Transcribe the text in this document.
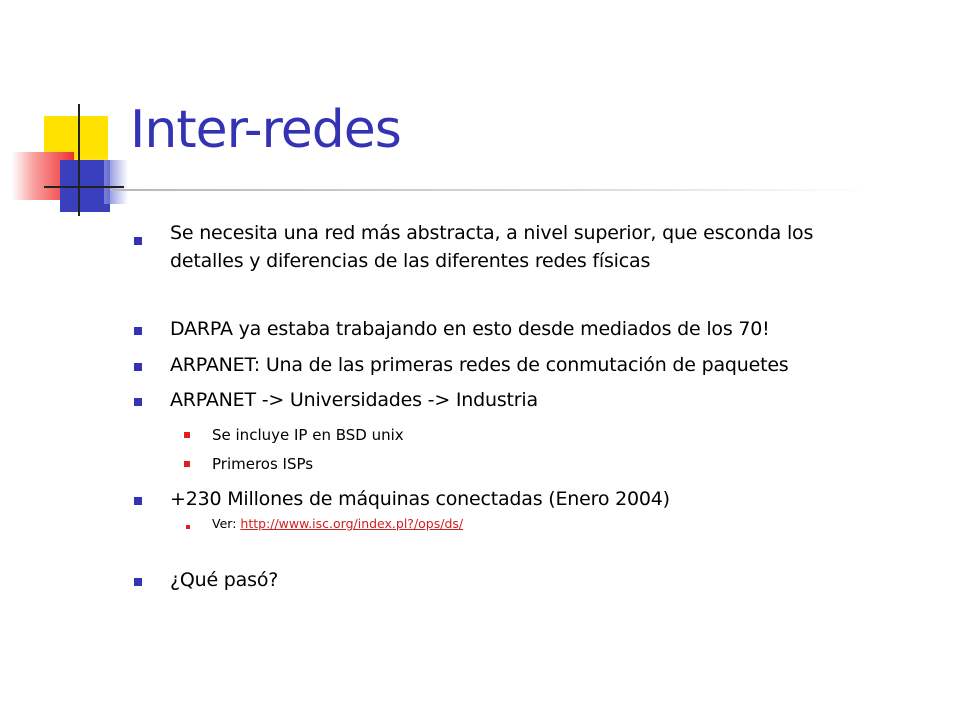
Inter-redes
Se necesita una red más abstracta, a nivel superior, que esconda los
detalles y diferencias de las diferentes redes físicas
DARPA ya estaba trabajando en esto desde mediados de los 70!
ARPANET: Una de las primeras redes de conmutación de paquetes
ARPANET -> Universidades -> Industria
Se incluye IP en BSD unix
Primeros ISPs
+230 Millones de máquinas conectadas (Enero 2004)
Ver: http://www.isc.org/index.pl?/ops/ds/
¿Qué pasó?
